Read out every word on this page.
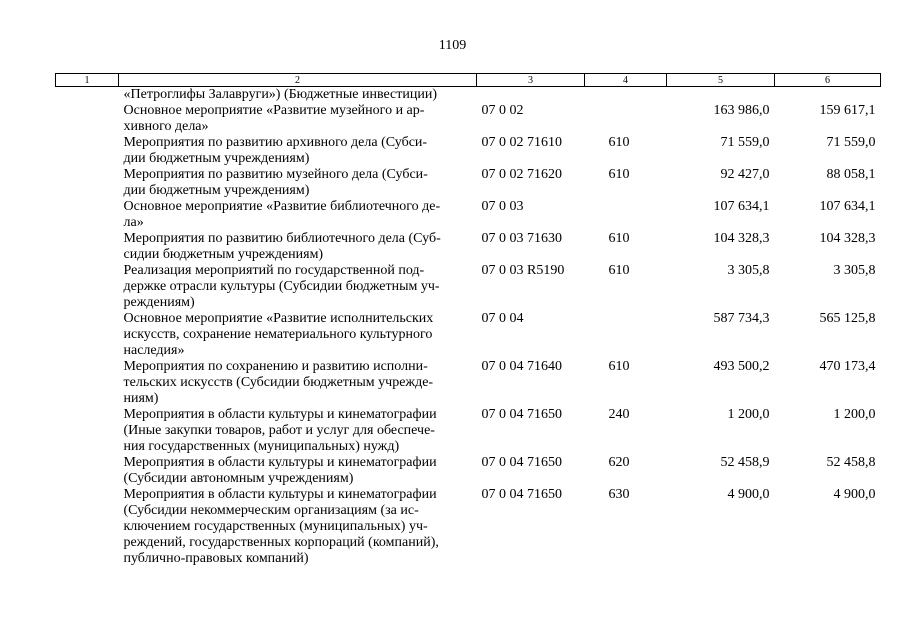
1109
1	2	3	4	5	6

	«Петроглифы Залавруги») (Бюджетные инвестиции)				

	Основное мероприятие «Развитие музейного и ар-
хивного дела»	07 0 02		163 986,0	159 617,1

	Мероприятия по развитию архивного дела (Субси-
дии бюджетным учреждениям)	07 0 02 71610	610	71 559,0	71 559,0

	Мероприятия по развитию музейного дела (Субси-
дии бюджетным учреждениям)	07 0 02 71620	610	92 427,0	88 058,1

	Основное мероприятие «Развитие библиотечного де-
ла»	07 0 03		107 634,1	107 634,1

	Мероприятия по развитию библиотечного дела (Суб-
сидии бюджетным учреждениям)	07 0 03 71630	610	104 328,3	104 328,3

	Реализация мероприятий по государственной под-
держке отрасли культуры (Субсидии бюджетным уч-
реждениям)	07 0 03 R5190	610	3 305,8	3 305,8

	Основное мероприятие «Развитие исполнительских
искусств, сохранение нематериального культурного
наследия»	07 0 04		587 734,3	565 125,8

	Мероприятия по сохранению и развитию исполни-
тельских искусств (Субсидии бюджетным учрежде-
ниям)	07 0 04 71640	610	493 500,2	470 173,4

	Мероприятия в области культуры и кинематографии
(Иные закупки товаров, работ и услуг для обеспече-
ния государственных (муниципальных) нужд)	07 0 04 71650	240	1 200,0	1 200,0

	Мероприятия в области культуры и кинематографии
(Субсидии автономным учреждениям)	07 0 04 71650	620	52 458,9	52 458,8

	Мероприятия в области культуры и кинематографии
(Субсидии некоммерческим организациям (за ис-
ключением государственных (муниципальных) уч-
реждений, государственных корпораций (компаний),
публично-правовых компаний)	07 0 04 71650	630	4 900,0	4 900,0
